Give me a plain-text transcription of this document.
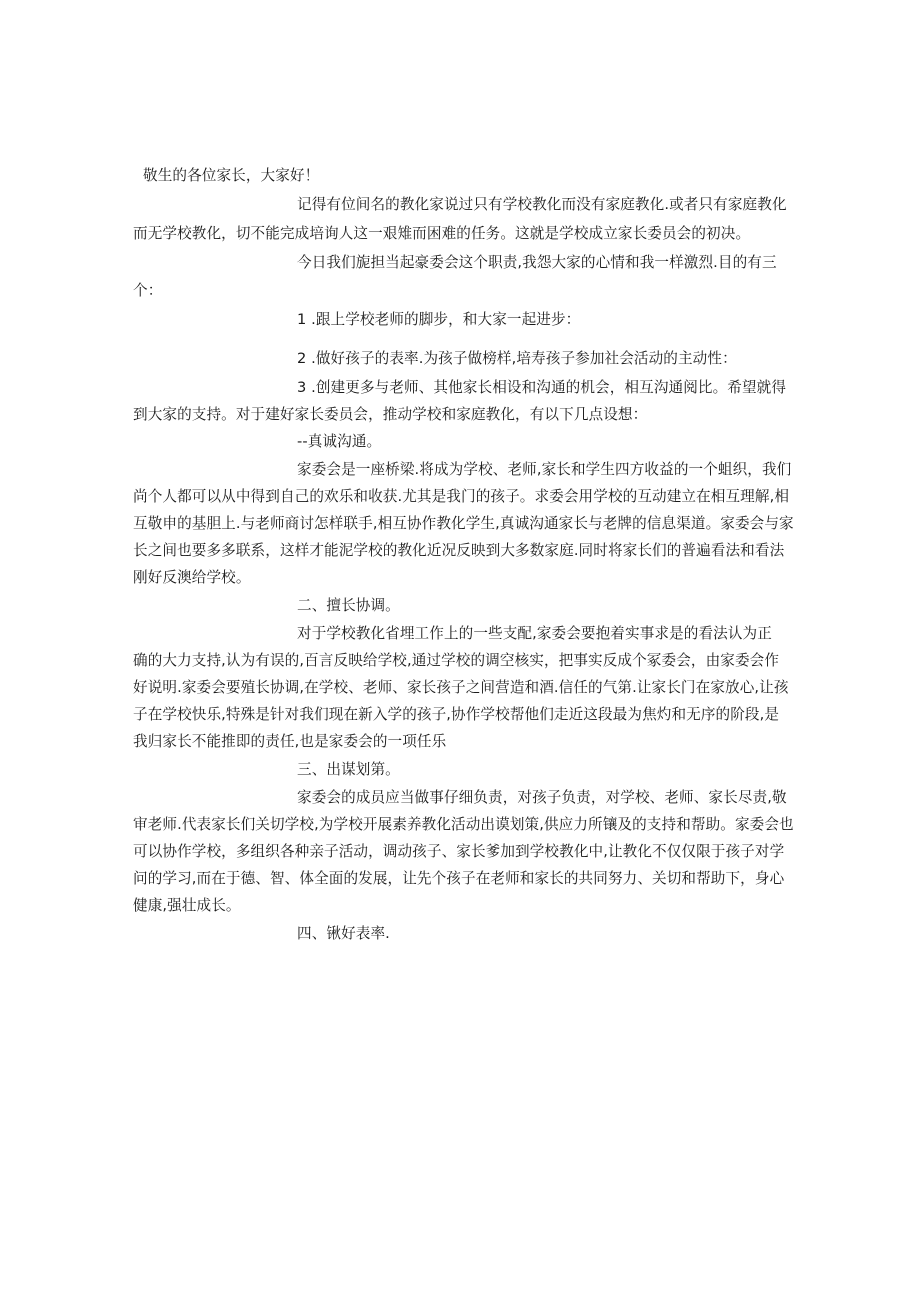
敬生的各位家长，大家好！
记得有位间名的教化家说过只有学校教化而没有家庭教化.或者只有家庭教化
而无学校教化，切不能完成培询人这一艰雉而困难的任务。这就是学校成立家长委员会的初决。
今日我们旎担当起豪委会这个职责,我怨大家的心情和我一样激烈.目的有三
个：
1 .跟上学校老师的脚步，和大家一起进步：
2 .做好孩子的表率.为孩子做榜样,培寿孩子参加社会活动的主动性：
3 .创建更多与老师、其他家长相设和沟通的机会，相互沟通阅比。希望就得
到大家的支持。对于建好家长委员会，推动学校和家庭教化，有以下几点设想：
--真诚沟通。
家委会是一座桥梁.将成为学校、老师,家长和学生四方收益的一个蛆织，我们
尚个人都可以从中得到自己的欢乐和收获.尤其是我门的孩子。求委会用学校的互动建立在相互理解,相
互敬申的基胆上.与老师商讨怎样联手,相互协作教化学生,真诚沟通家长与老牌的信息渠道。家委会与家
长之间也要多多联系，这样才能泥学校的教化近况反映到大多数家庭.同时将家长们的普遍看法和看法
刚好反澳给学校。
二、擅长协调。
对于学校教化省埋工作上的一些支配,家委会要抱着实事求是的看法认为正
确的大力支持,认为有误的,百言反映给学校,通过学校的调空核实，把事实反成个冢委会，由家委会作
好说明.家委会要殖长协调,在学校、老师、家长孩子之间营造和酒.信任的气第.让家长门在家放心,让孩
子在学校快乐,特殊是针对我们现在新入学的孩子,协作学校帮他们走近这段最为焦灼和无序的阶段,是
我归家长不能推即的责任,也是家委会的一项任乐
三、出谋划第。
家委会的成员应当做事仔细负责，对孩子负责，对学校、老师、家长尽责,敬
审老师.代表家长们关切学校,为学校开展素养教化活动出谟划策,供应力所镶及的支持和帮助。家委会也
可以协作学校，多组织各种亲子活动，调动孩子、家长爹加到学校教化中,让教化不仅仅限于孩子对学
问的学习,而在于德、智、体全面的发展，让先个孩子在老师和家长的共同努力、关切和帮助下，身心
健康,强壮成长。
四、锹好表率.
